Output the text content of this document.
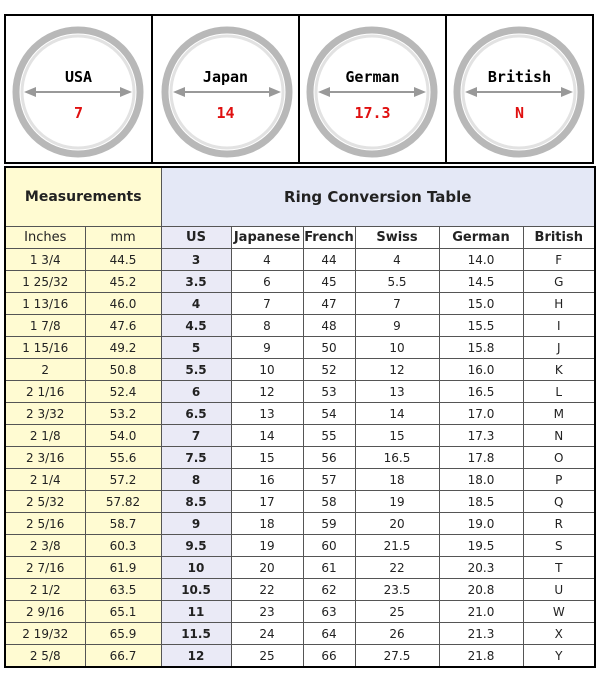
USA
7
Japan
14
German
17.3
British
N
Measurements		Ring Conversion Table					
Inches	mm	US	Japanese	French	Swiss	German	British
1 3/4	44.5	3	4	44	4	14.0	F
1 25/32	45.2	3.5	6	45	5.5	14.5	G
1 13/16	46.0	4	7	47	7	15.0	H
1 7/8	47.6	4.5	8	48	9	15.5	I
1 15/16	49.2	5	9	50	10	15.8	J
2	50.8	5.5	10	52	12	16.0	K
2 1/16	52.4	6	12	53	13	16.5	L
2 3/32	53.2	6.5	13	54	14	17.0	M
2 1/8	54.0	7	14	55	15	17.3	N
2 3/16	55.6	7.5	15	56	16.5	17.8	O
2 1/4	57.2	8	16	57	18	18.0	P
2 5/32	57.82	8.5	17	58	19	18.5	Q
2 5/16	58.7	9	18	59	20	19.0	R
2 3/8	60.3	9.5	19	60	21.5	19.5	S
2 7/16	61.9	10	20	61	22	20.3	T
2 1/2	63.5	10.5	22	62	23.5	20.8	U
2 9/16	65.1	11	23	63	25	21.0	W
2 19/32	65.9	11.5	24	64	26	21.3	X
2 5/8	66.7	12	25	66	27.5	21.8	Y
